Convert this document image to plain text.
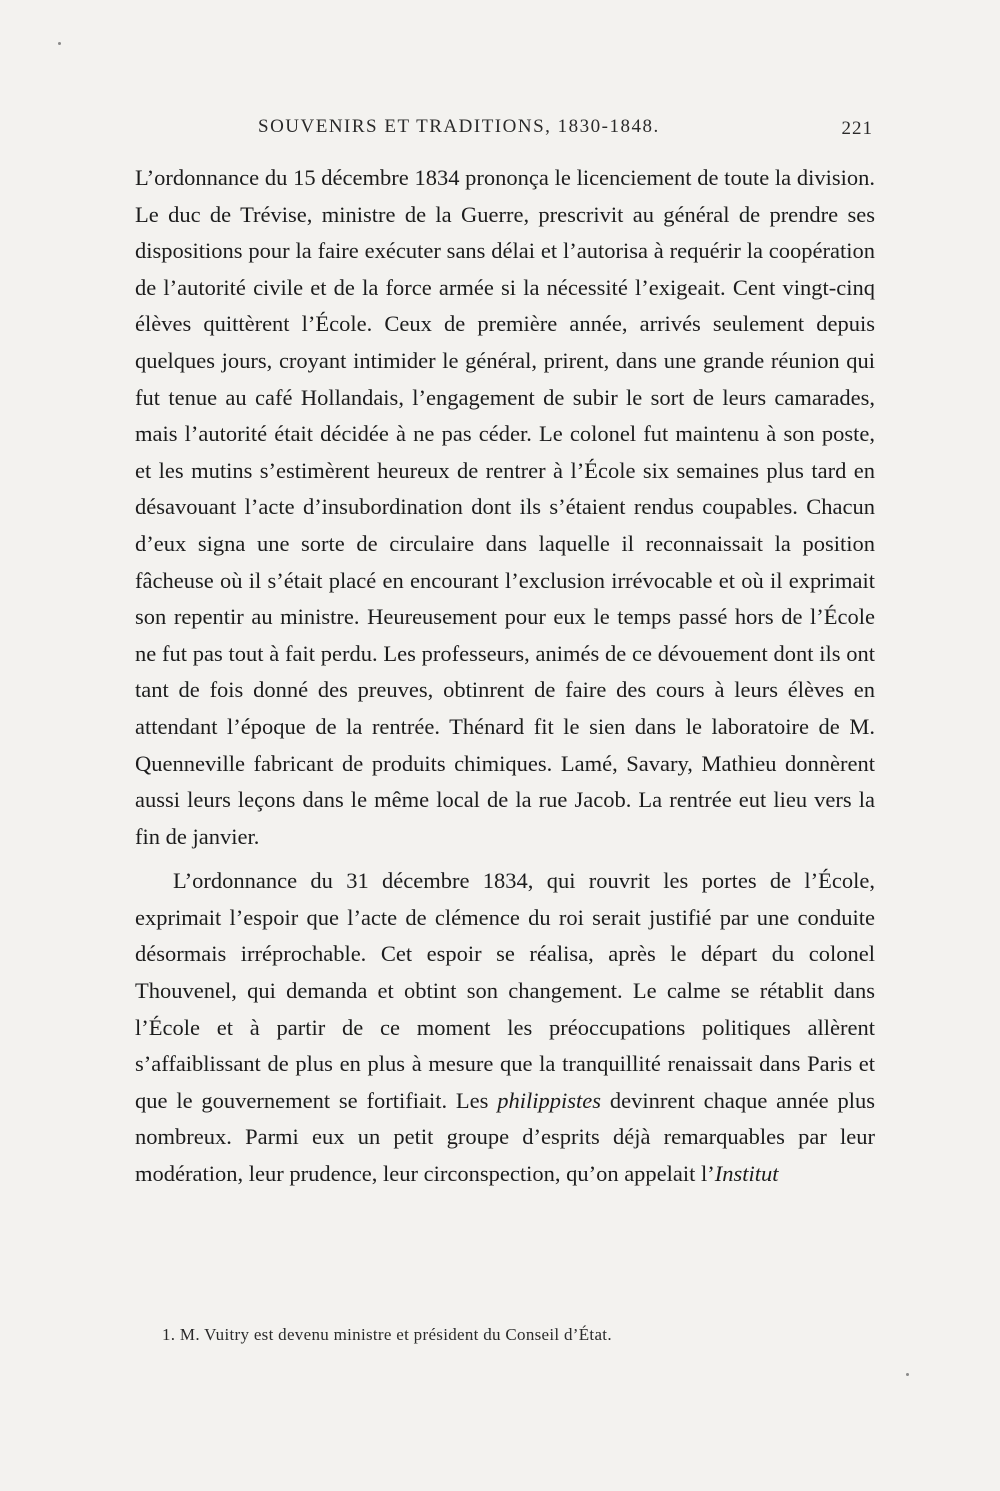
SOUVENIRS ET TRADITIONS, 1830-1848.	221

L’ordonnance du 15 décembre 1834 prononça le licenciement de toute la division. Le duc de Trévise, ministre de la Guerre, prescrivit au général de prendre ses dispositions pour la faire exécuter sans délai et l’autorisa à requérir la coopération de l’autorité civile et de la force armée si la nécessité l’exigeait. Cent vingt-cinq élèves quittèrent l’École. Ceux de première année, arrivés seulement depuis quelques jours, croyant intimider le général, prirent, dans une grande réunion qui fut tenue au café Hollandais, l’engagement de subir le sort de leurs camarades, mais l’autorité était décidée à ne pas céder. Le colonel fut maintenu à son poste, et les mutins s’estimèrent heureux de rentrer à l’École six semaines plus tard en désavouant l’acte d’insubordination dont ils s’étaient rendus coupables. Chacun d’eux signa une sorte de circulaire dans laquelle il reconnaissait la position fâcheuse où il s’était placé en encourant l’exclusion irrévocable et où il exprimait son repentir au ministre. Heureusement pour eux le temps passé hors de l’École ne fut pas tout à fait perdu. Les professeurs, animés de ce dévouement dont ils ont tant de fois donné des preuves, obtinrent de faire des cours à leurs élèves en attendant l’époque de la rentrée. Thénard fit le sien dans le laboratoire de M. Quenneville fabricant de produits chimiques. Lamé, Savary, Mathieu donnèrent aussi leurs leçons dans le même local de la rue Jacob. La rentrée eut lieu vers la fin de janvier.

L’ordonnance du 31 décembre 1834, qui rouvrit les portes de l’École, exprimait l’espoir que l’acte de clémence du roi serait justifié par une conduite désormais irréprochable. Cet espoir se réalisa, après le départ du colonel Thouvenel, qui demanda et obtint son changement. Le calme se rétablit dans l’École et à partir de ce moment les préoccupations politiques allèrent s’affaiblissant de plus en plus à mesure que la tranquillité renaissait dans Paris et que le gouvernement se fortifiait. Les philippistes devinrent chaque année plus nombreux. Parmi eux un petit groupe d’esprits déjà remarquables par leur modération, leur prudence, leur circonspection, qu’on appelait l’Institut

1. M. Vuitry est devenu ministre et président du Conseil d’État.
